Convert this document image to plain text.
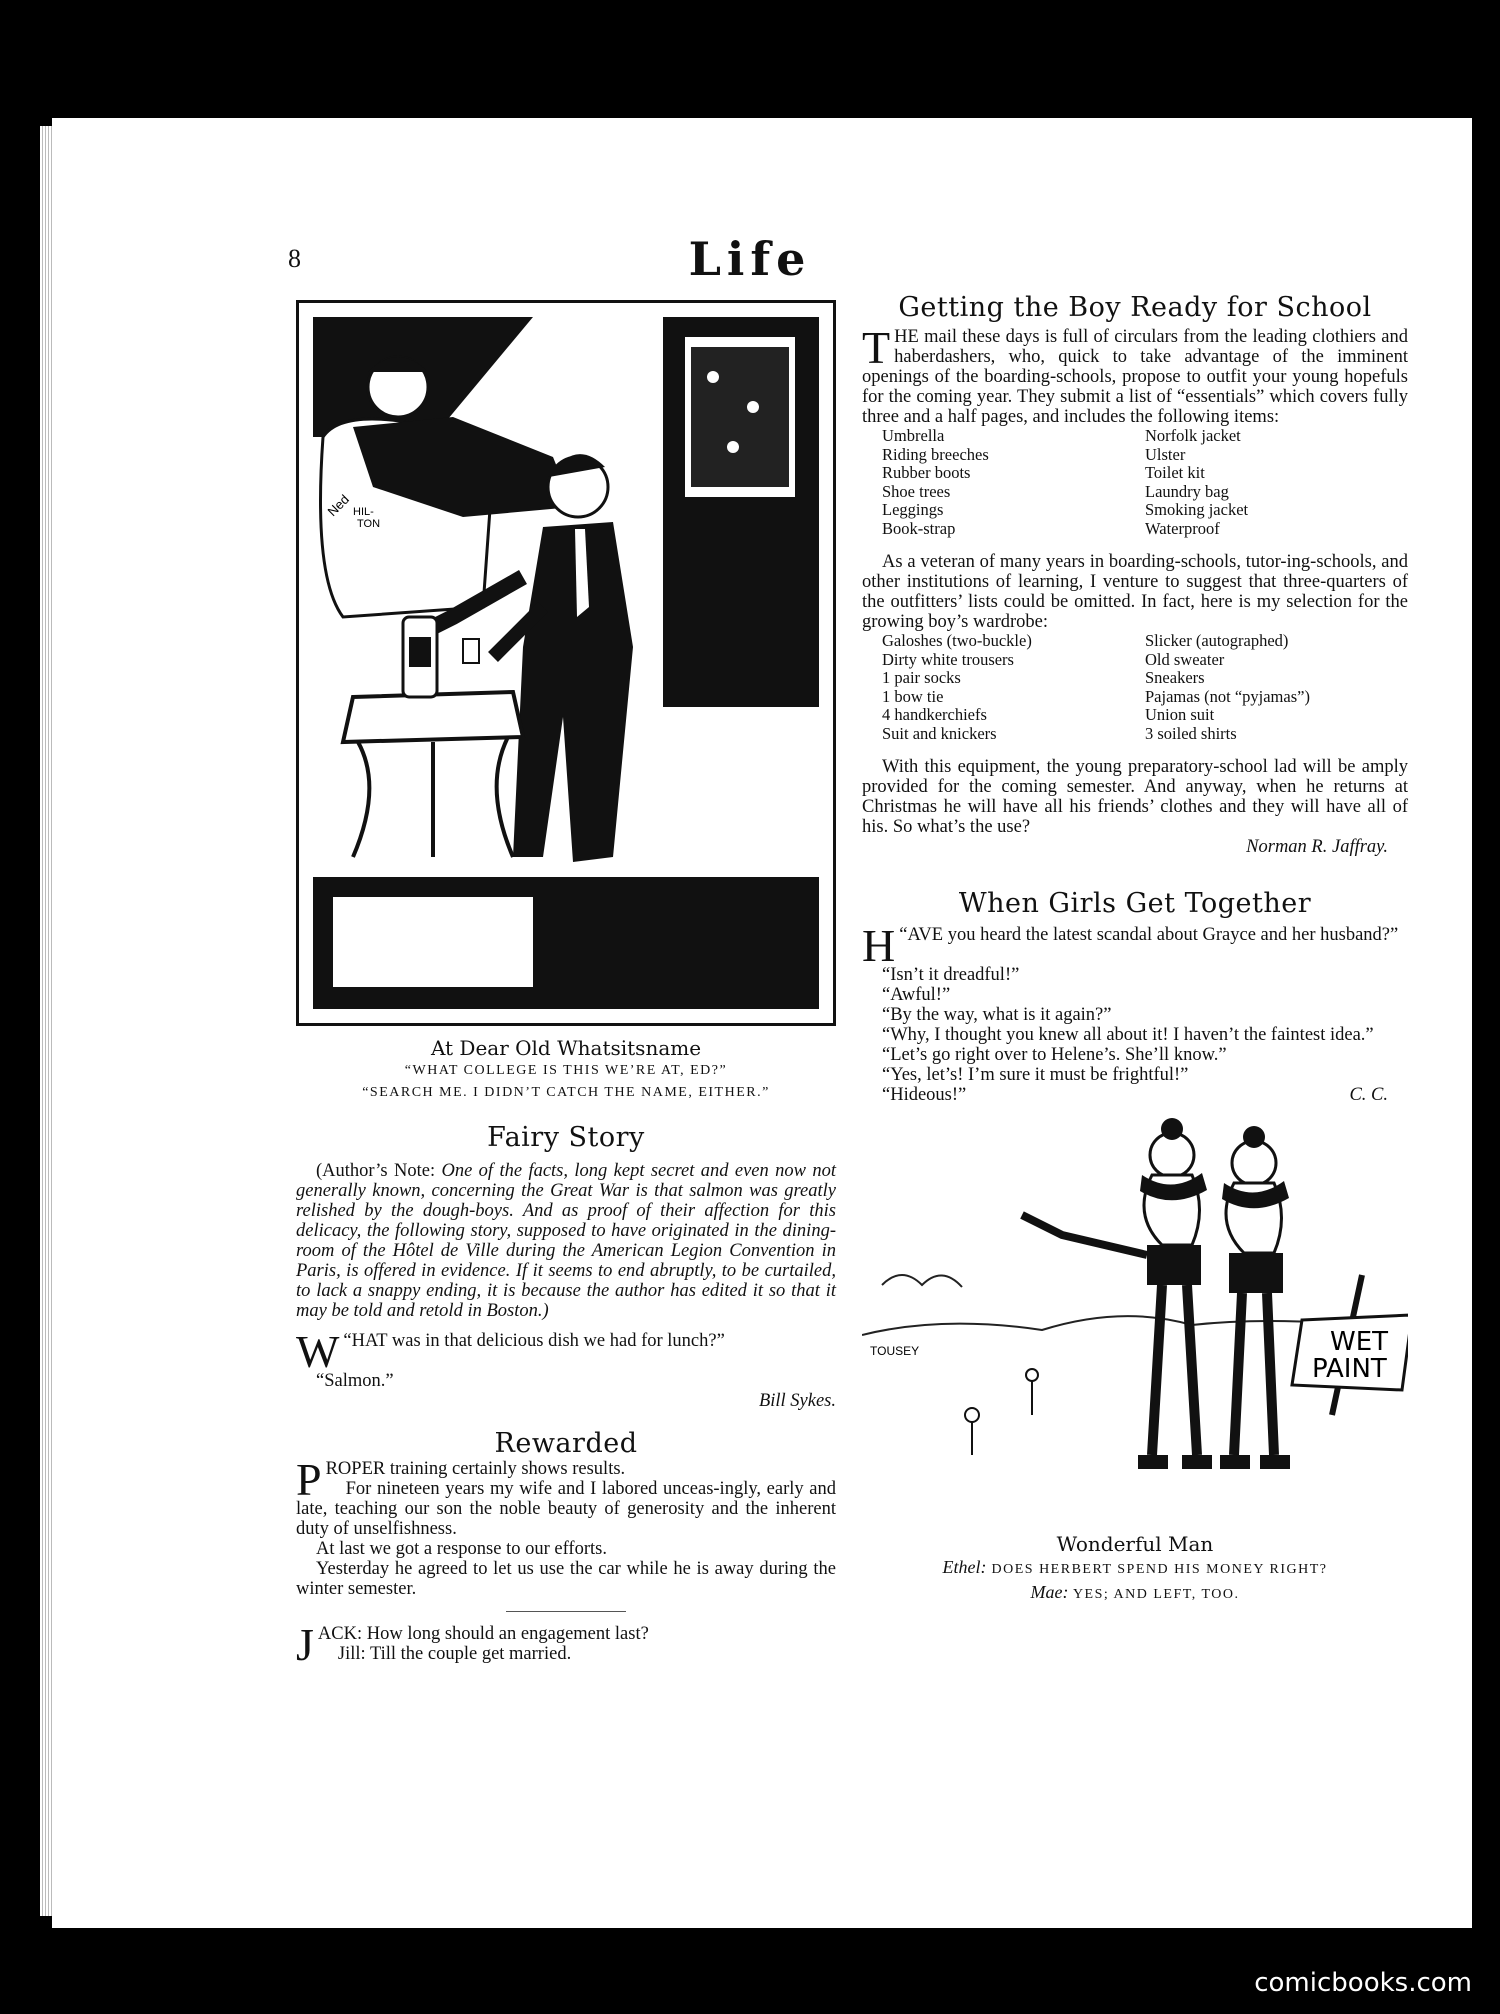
8	Life
Ned HIL-
TON
At Dear Old Whatsitsname
“WHAT COLLEGE IS THIS WE’RE AT, ED?”
“SEARCH ME. I DIDN’T CATCH THE NAME, EITHER.”
Fairy Story

(Author’s Note: One of the facts, long kept secret and even now not generally known, concerning the Great War is that salmon was greatly relished by the dough-boys. And as proof of their affection for this delicacy, the following story, supposed to have originated in the dining-room of the Hôtel de Ville during the American Legion Convention in Paris, is offered in evidence. If it seems to end abruptly, to be curtailed, to lack a snappy ending, it is because the author has edited it so that it may be told and retold in Boston.)

“
W HAT was in that delicious dish we had for lunch?”

“Salmon.”

Bill Sykes.
Rewarded

PROPER training certainly shows results.

For nineteen years my wife and I labored unceas-ingly, early and late, teaching our son the noble beauty of generosity and the inherent duty of unselfishness.

At last we got a response to our efforts.

Yesterday he agreed to let us use the car while he is away during the winter semester.

JACK: How long should an engagement last?

Jill: Till the couple get married.

Getting the Boy Ready for School

THE mail these days is full of circulars from the leading clothiers and haberdashers, who, quick to take advantage of the imminent openings of the boarding-schools, propose to outfit your young hopefuls for the coming year. They submit a list of “essentials” which covers fully three and a half pages, and includes the following items:

Umbrella	Norfolk jacket
Riding breeches	Ulster
Rubber boots	Toilet kit
Shoe trees	Laundry bag
Leggings	Smoking jacket
Book-strap	Waterproof

As a veteran of many years in boarding-schools, tutor-ing-schools, and other institutions of learning, I venture to suggest that three-quarters of the outfitters’ lists could be omitted. In fact, here is my selection for the growing boy’s wardrobe:

Galoshes (two-buckle)	Slicker (autographed)
Dirty white trousers	Old sweater
1 pair socks	Sneakers
1 bow tie	Pajamas (not “pyjamas”)
4 handkerchiefs	Union suit
Suit and knickers	3 soiled shirts

With this equipment, the young preparatory-school lad will be amply provided for the coming semester. And anyway, when he returns at Christmas he will have all his friends’ clothes and they will have all of his. So what’s the use?

Norman R. Jaffray.
When Girls Get Together

“
H AVE you heard the latest scandal about Grayce and her husband?”

“Isn’t it dreadful!”

“Awful!”

“By the way, what is it again?”

“Why, I thought you knew all about it! I haven’t the faintest idea.”

“Let’s go right over to Helene’s. She’ll know.”

“Yes, let’s! I’m sure it must be frightful!”

“Hideous!”	C. C.

WET
PAINT
TOUSEY
Wonderful Man
Ethel: DOES HERBERT SPEND HIS MONEY RIGHT?
Mae: YES; AND LEFT, TOO.
comicbooks.com
